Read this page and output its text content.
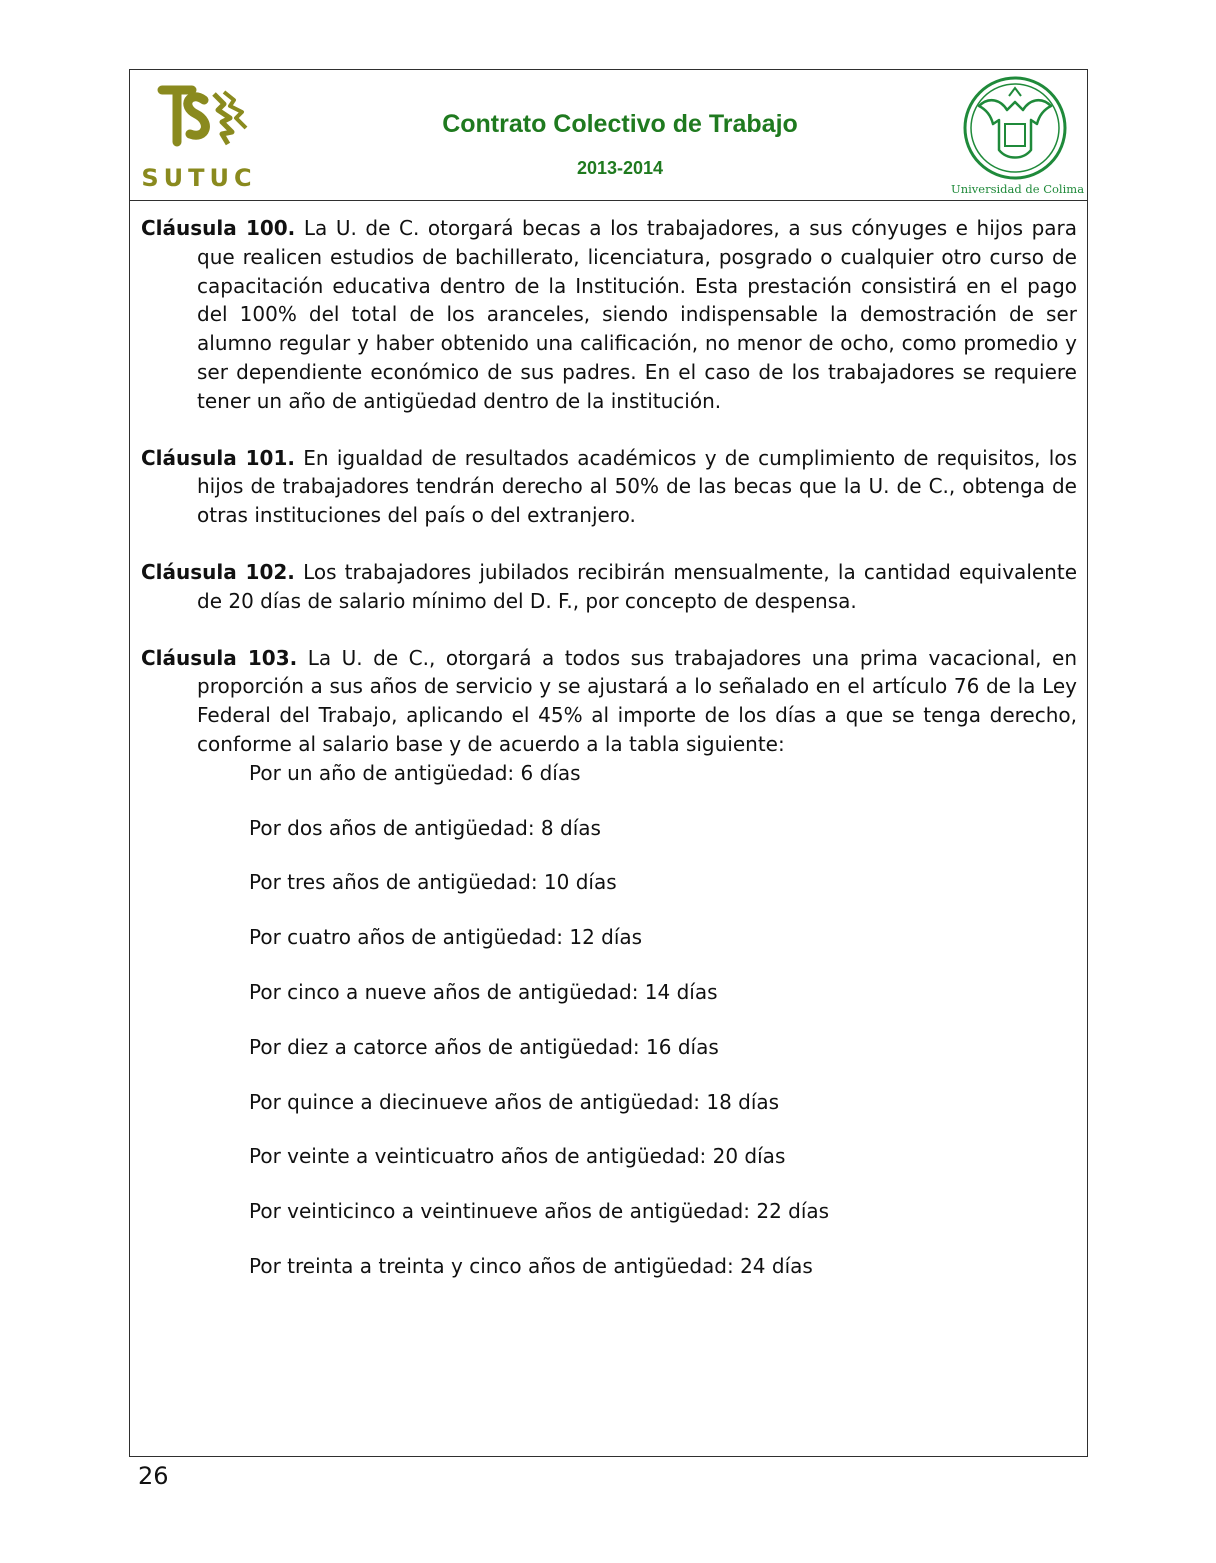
SUTUC
Contrato Colectivo de Trabajo
2013-2014
Universidad de Colima

Cláusula 100. La U. de C. otorgará becas a los trabajadores, a sus cónyuges e hijos para que realicen estudios de bachillerato, licenciatura, posgrado o cualquier otro curso de capacitación educativa dentro de la Institución. Esta prestación consistirá en el pago del 100% del total de los aranceles, siendo indispensable la demostración de ser alumno regular y haber obtenido una calificación, no menor de ocho, como promedio y ser dependiente económico de sus padres. En el caso de los trabajadores se requiere tener un año de antigüedad dentro de la institución.

Cláusula 101. En igualdad de resultados académicos y de cumplimiento de requisitos, los hijos de trabajadores tendrán derecho al 50% de las becas que la U. de C., obtenga de otras instituciones del país o del extranjero.

Cláusula 102. Los trabajadores jubilados recibirán mensualmente, la cantidad equivalente de 20 días de salario mínimo del D. F., por concepto de despensa.

Cláusula 103. La U. de C., otorgará a todos sus trabajadores una prima vacacional, en proporción a sus años de servicio y se ajustará a lo señalado en el artículo 76 de la Ley Federal del Trabajo, aplicando el 45% al importe de los días a que se tenga derecho, conforme al salario base y de acuerdo a la tabla siguiente:

Por un año de antigüedad: 6 días
Por dos años de antigüedad: 8 días
Por tres años de antigüedad: 10 días
Por cuatro años de antigüedad: 12 días
Por cinco a nueve años de antigüedad: 14 días
Por diez a catorce años de antigüedad: 16 días
Por quince a diecinueve años de antigüedad: 18 días
Por veinte a veinticuatro años de antigüedad: 20 días
Por veinticinco a veintinueve años de antigüedad: 22 días
Por treinta a treinta y cinco años de antigüedad: 24 días
26
